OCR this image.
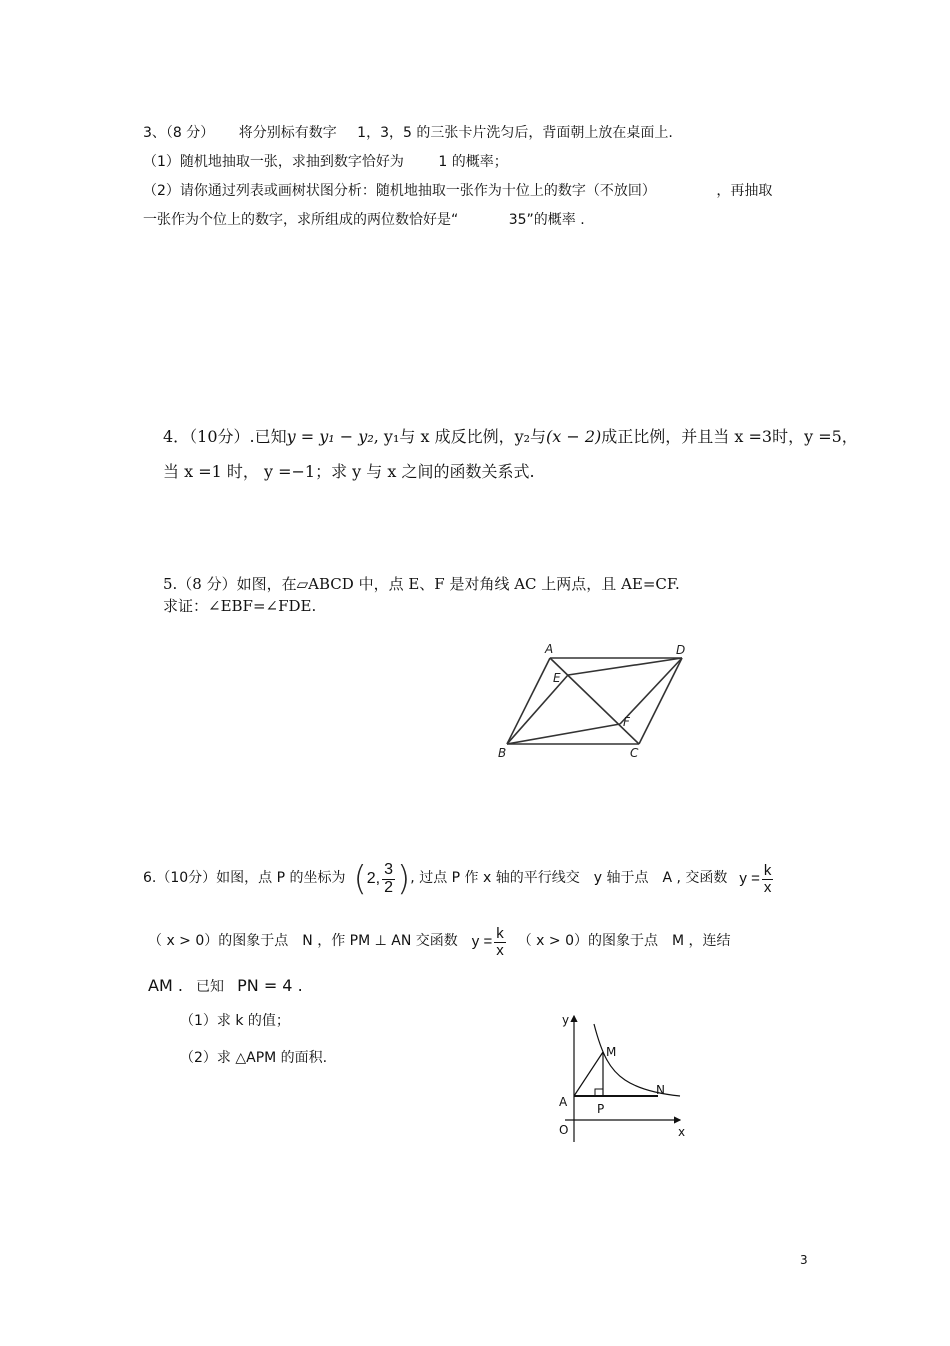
3、（8 分） 将分别标有数字 1，3，5 的三张卡片洗匀后，背面朝上放在桌面上.
（1）随机地抽取一张，求抽到数字恰好为 1 的概率；
（2）请你通过列表或画树状图分析：随机地抽取一张作为十位上的数字（不放回）	，再抽取
一张作为个位上的数字，求所组成的两位数恰好是“	35”的概率 .
4．（10分）.已知y = y₁ − y₂, y₁与 x 成反比例，y₂与(x − 2)成正比例，并且当 x =3时，y =5，
当 x =1 时， y =−1；求 y 与 x 之间的函数关系式.
5.（8 分）如图，在▱ABCD 中，点 E、F 是对角线 AC 上两点，且 AE=CF.
求证：∠EBF=∠FDE.
A	D
E
F
B	C
6.（10分）如图，点 P 的坐标为 ( 2, $\frac{3}{2}$ ) , 过点 P 作 x 轴的平行线交 y 轴于点 A , 交函数 $y = \frac{k}{x}$
（ x > 0）的图象于点 N ，作 PM ⊥ AN 交函数 $y = \frac{k}{x}$ （ x > 0）的图象于点 M ，连结
AM . 已知 PN = 4 .
（1）求 k 的值；
（2）求 △APM 的面积.
y
M
N
A P
O	x
3
